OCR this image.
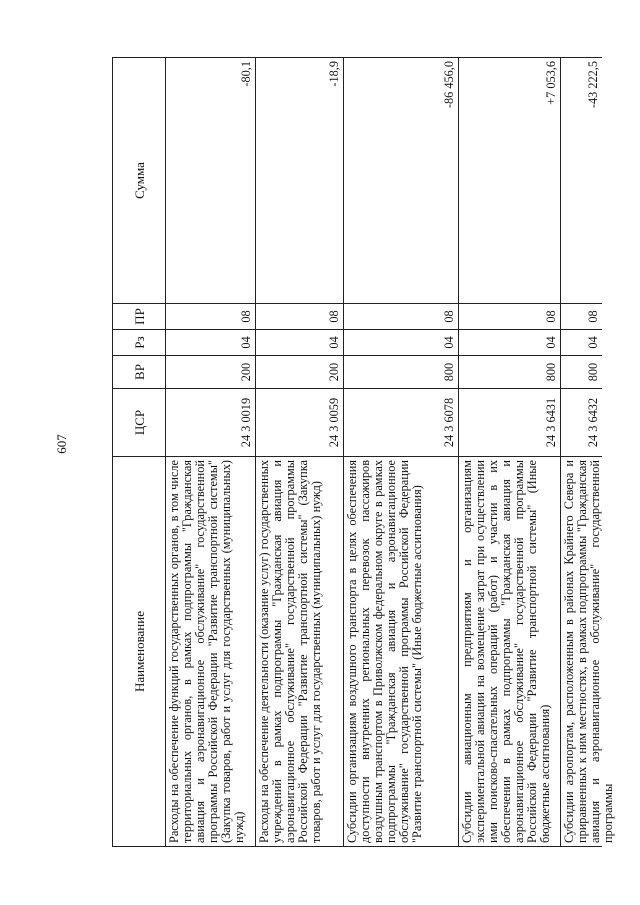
607
Наименование	ЦСР	ВР	Рз	ПР	Сумма
Расходы на обеспечение функций государственных органов, в том числе территориальных органов, в рамках подпрограммы "Гражданская авиация и аэронавигационное обслуживание" государственной программы Российской Федерации "Развитие транспортной системы" (Закупка товаров, работ и услуг для государственных (муниципальных) нужд)	24 3 0019	200	04	08	-80,1
Расходы на обеспечение деятельности (оказание услуг) государственных учреждений в рамках подпрограммы "Гражданская авиация и аэронавигационное обслуживание" государственной программы Российской Федерации "Развитие транспортной системы" (Закупка товаров, работ и услуг для государственных (муниципальных) нужд)	24 3 0059	200	04	08	-18,9
Субсидии организациям воздушного транспорта в целях обеспечения доступности внутренних региональных перевозок пассажиров воздушным транспортом в Приволжском федеральном округе в рамках подпрограммы "Гражданская авиация и аэронавигационное обслуживание" государственной программы Российской Федерации "Развитие транспортной системы" (Иные бюджетные ассигнования)	24 3 6078	800	04	08	-86 456,0
Субсидии авиационным предприятиям и организациям экспериментальной авиации на возмещение затрат при осуществлении ими поисково-спасательных операций (работ) и участии в их обеспечении в рамках подпрограммы "Гражданская авиация и аэронавигационное обслуживание" государственной программы Российской Федерации "Развитие транспортной системы" (Иные бюджетные ассигнования)	24 3 6431	800	04	08	+7 053,6

Субсидии аэропортам, расположенным в районах Крайнего Севера и приравненных к ним местностях, в рамках подпрограммы "Гражданская авиация и аэронавигационное обслуживание" государственной программы	24 3 6432	800	04	08	-43 222,5
